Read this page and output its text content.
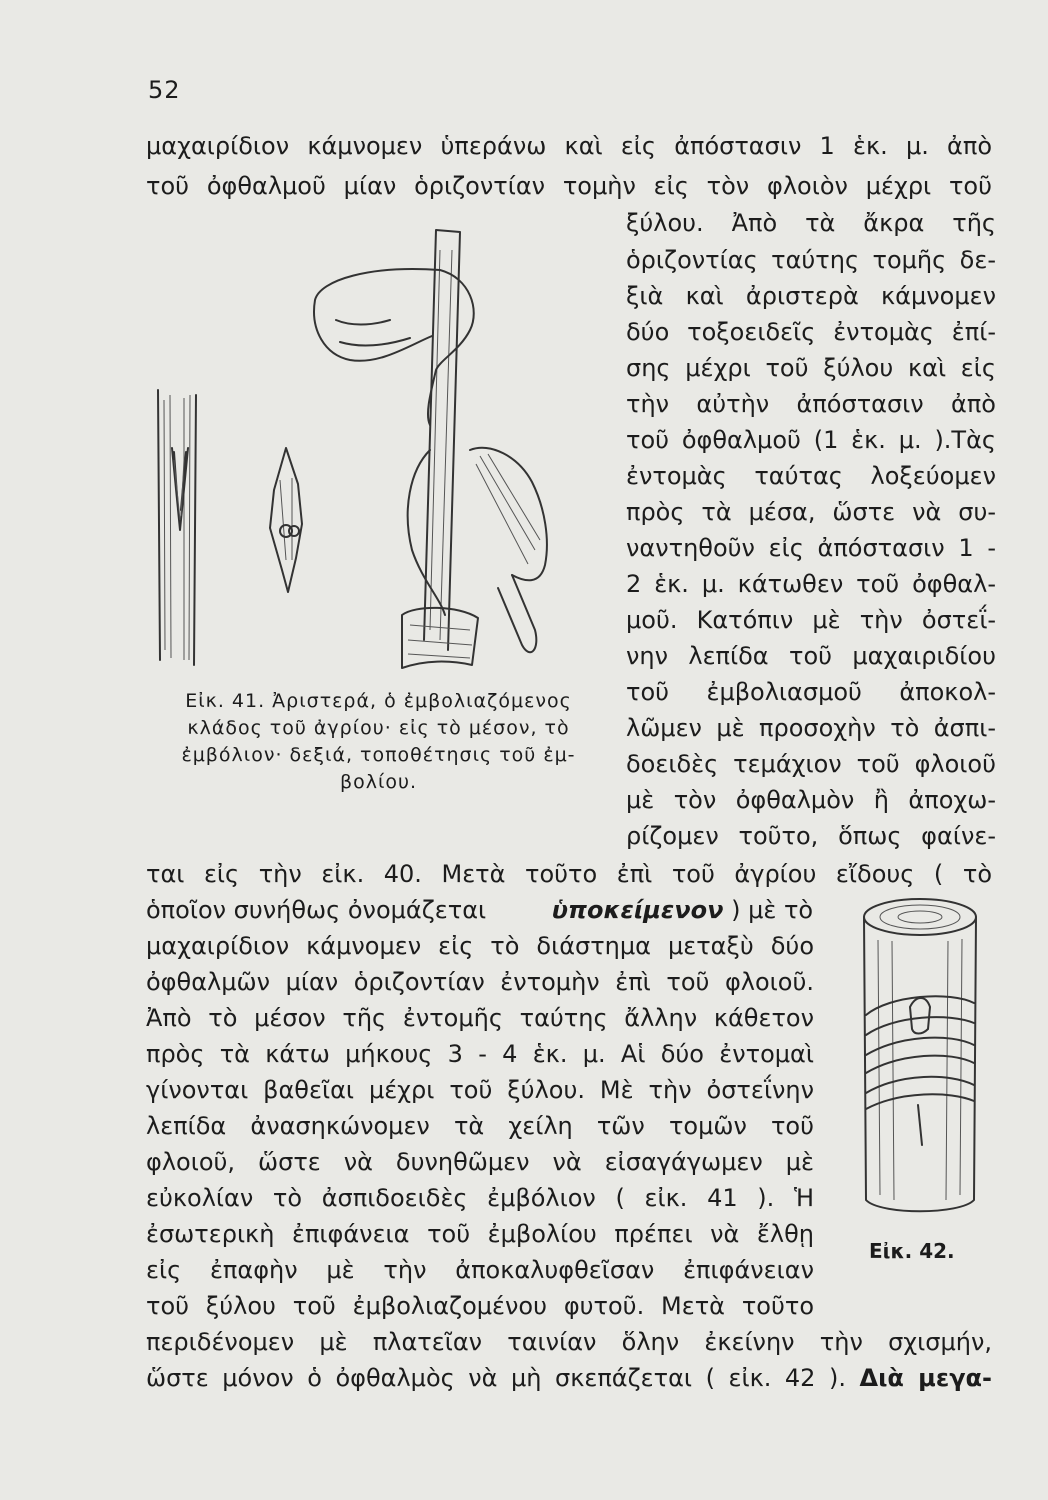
52
μαχαιρίδιον κάμνομεν ὑπεράνω καὶ εἰς ἀπόστασιν 1 ἑκ. μ. ἀπὸ
τοῦ ὀφθαλμοῦ μίαν ὁριζοντίαν τομὴν εἰς τὸν φλοιὸν μέχρι τοῦ
ξύλου. Ἀπὸ τὰ ἄκρα τῆς
ὁριζοντίας ταύτης τομῆς δε-
ξιὰ καὶ ἀριστερὰ κάμνομεν
δύο τοξοειδεῖς ἐντομὰς ἐπί-
σης μέχρι τοῦ ξύλου καὶ εἰς
τὴν αὐτὴν ἀπόστασιν ἀπὸ
τοῦ ὀφθαλμοῦ (1 ἑκ. μ. ).Τὰς
ἐντομὰς ταύτας λοξεύομεν
πρὸς τὰ μέσα, ὥστε νὰ συ-
ναντηθοῦν εἰς ἀπόστασιν 1 -
2 ἑκ. μ. κάτωθεν τοῦ ὀφθαλ-
μοῦ. Κατόπιν μὲ τὴν ὀστεΐ-
νην λεπίδα τοῦ μαχαιριδίου
τοῦ ἐμβολιασμοῦ ἀποκολ-
λῶμεν μὲ προσοχὴν τὸ ἀσπι-
δοειδὲς τεμάχιον τοῦ φλοιοῦ
μὲ τὸν ὀφθαλμὸν ἢ ἀποχω-
ρίζομεν τοῦτο, ὅπως φαίνε-
ται εἰς τὴν εἰκ. 40. Μετὰ τοῦτο ἐπὶ τοῦ ἀγρίου εἴδους ( τὸ
ὁποῖον συνήθως ὀνομάζεται	ὑποκείμενον ) μὲ τὸ
μαχαιρίδιον κάμνομεν εἰς τὸ διάστημα μεταξὺ δύο
ὀφθαλμῶν μίαν ὁριζοντίαν ἐντομὴν ἐπὶ τοῦ φλοιοῦ.
Ἀπὸ τὸ μέσον τῆς ἐντομῆς ταύτης ἄλλην κάθετον
πρὸς τὰ κάτω μήκους 3 - 4 ἑκ. μ. Αἱ δύο ἐντομαὶ
γίνονται βαθεῖαι μέχρι τοῦ ξύλου. Μὲ τὴν ὀστεΐνην
λεπίδα ἀνασηκώνομεν τὰ χείλη τῶν τομῶν τοῦ
φλοιοῦ, ὥστε νὰ δυνηθῶμεν νὰ εἰσαγάγωμεν μὲ
εὐκολίαν τὸ ἀσπιδοειδὲς ἐμβόλιον ( εἰκ. 41 ). Ἡ
ἐσωτερικὴ ἐπιφάνεια τοῦ ἐμβολίου πρέπει νὰ ἔλθῃ
εἰς ἐπαφὴν μὲ τὴν ἀποκαλυφθεῖσαν ἐπιφάνειαν
τοῦ ξύλου τοῦ ἐμβολιαζομένου φυτοῦ. Μετὰ τοῦτο
περιδένομεν μὲ πλατεῖαν ταινίαν ὅλην ἐκείνην τὴν σχισμήν,
ὥστε μόνον ὁ ὀφθαλμὸς νὰ μὴ σκεπάζεται ( εἰκ. 42 ). Διὰ μεγα-
Εἰκ. 41. Ἀριστερά, ὁ ἐμβολιαζόμενος
κλάδος τοῦ ἀγρίου· εἰς τὸ μέσον, τὸ
ἐμβόλιον· δεξιά, τοποθέτησις τοῦ ἐμ-
βολίου.
Εἰκ. 42.
